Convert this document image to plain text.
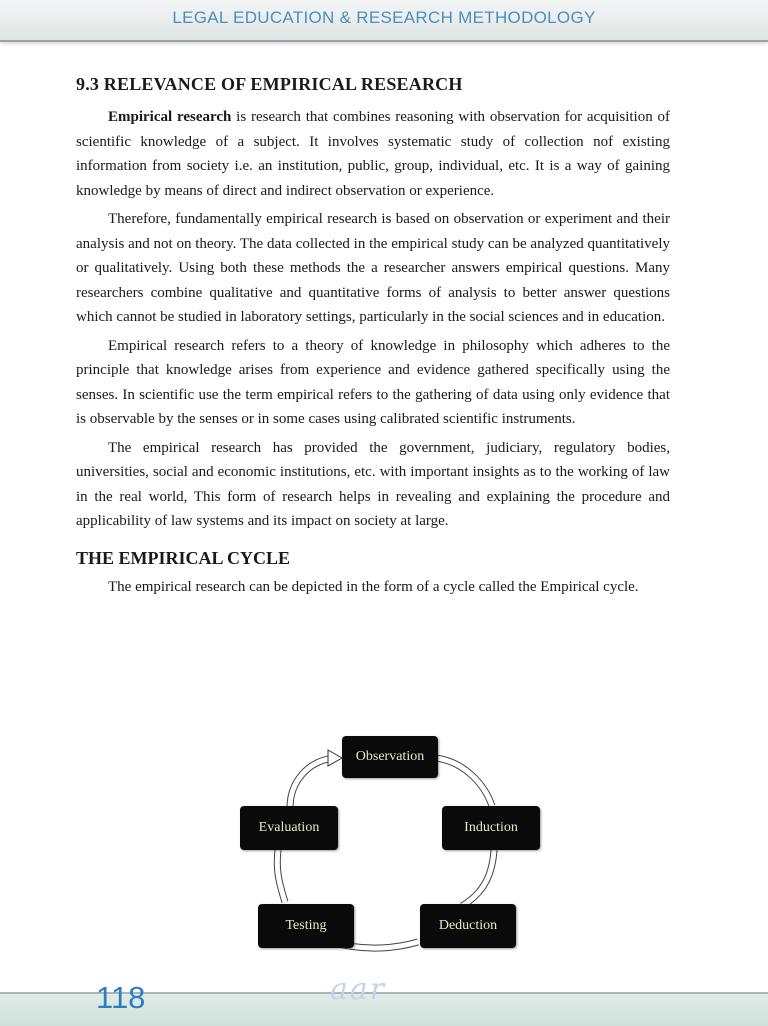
LEGAL EDUCATION & RESEARCH METHODOLOGY
9.3 RELEVANCE OF EMPIRICAL RESEARCH

Empirical research is research that combines reasoning with observation for acquisition of scientific knowledge of a subject. It involves systematic study of collection nof existing information from society i.e. an institution, public, group, individual, etc. It is a way of gaining knowledge by means of direct and indirect observation or experience.

Therefore, fundamentally empirical research is based on observation or experiment and their analysis and not on theory. The data collected in the empirical study can be analyzed quantitatively or qualitatively. Using both these methods the a researcher answers empirical questions. Many researchers combine qualitative and quantitative forms of analysis to better answer questions which cannot be studied in laboratory settings, particularly in the social sciences and in education.

Empirical research refers to a theory of knowledge in philosophy which adheres to the principle that knowledge arises from experience and evidence gathered specifically using the senses. In scientific use the term empirical refers to the gathering of data using only evidence that is observable by the senses or in some cases using calibrated scientific instruments.

The empirical research has provided the government, judiciary, regulatory bodies, universities, social and economic institutions, etc. with important insights as to the working of law in the real world, This form of research helps in revealing and explaining the procedure and applicability of law systems and its impact on society at large.

THE EMPIRICAL CYCLE

The empirical research can be depicted in the form of a cycle called the Empirical cycle.

Observation
Induction
Deduction
Testing
Evaluation
aar
118
